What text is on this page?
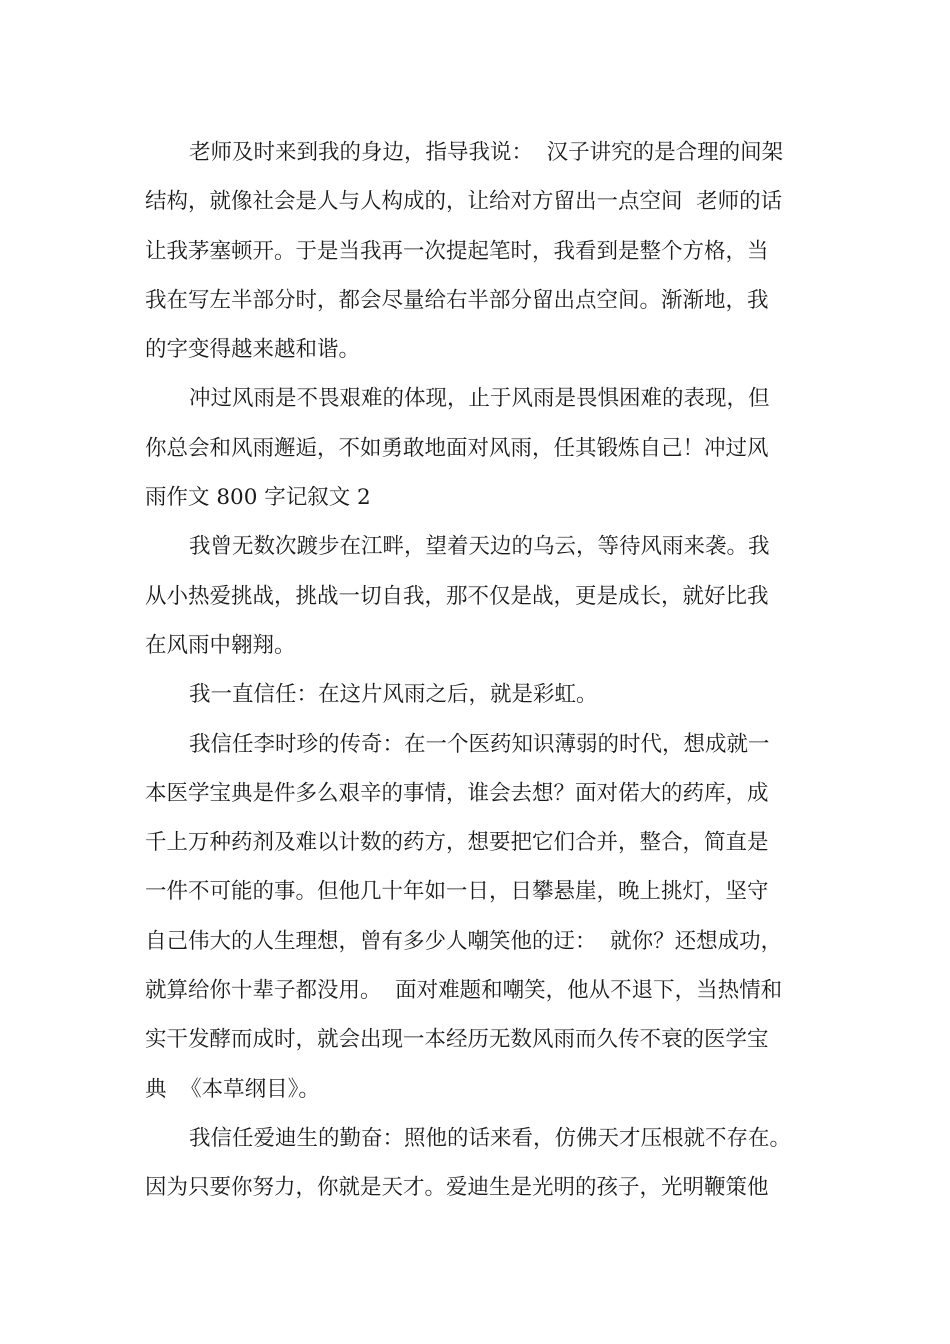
老师及时来到我的身边，指导我说：  汉子讲究的是合理的间架
结构，就像社会是人与人构成的，让给对方留出一点空间  老师的话
让我茅塞顿开。于是当我再一次提起笔时，我看到是整个方格，当
我在写左半部分时，都会尽量给右半部分留出点空间。渐渐地，我
的字变得越来越和谐。
冲过风雨是不畏艰难的体现，止于风雨是畏惧困难的表现，但
你总会和风雨邂逅，不如勇敢地面对风雨，任其锻炼自己！冲过风
雨作文 800 字记叙文 2
我曾无数次踱步在江畔，望着天边的乌云，等待风雨来袭。我
从小热爱挑战，挑战一切自我，那不仅是战，更是成长，就好比我
在风雨中翱翔。
我一直信任：在这片风雨之后，就是彩虹。
我信任李时珍的传奇：在一个医药知识薄弱的时代，想成就一
本医学宝典是件多么艰辛的事情，谁会去想？面对偌大的药库，成
千上万种药剂及难以计数的药方，想要把它们合并，整合，简直是
一件不可能的事。但他几十年如一日，日攀悬崖，晚上挑灯，坚守
自己伟大的人生理想，曾有多少人嘲笑他的迂：  就你？还想成功，
就算给你十辈子都没用。  面对难题和嘲笑，他从不退下，当热情和
实干发酵而成时，就会出现一本经历无数风雨而久传不衰的医学宝
典  《本草纲目》。
我信任爱迪生的勤奋：照他的话来看，仿佛天才压根就不存在。
因为只要你努力，你就是天才。爱迪生是光明的孩子，光明鞭策他
